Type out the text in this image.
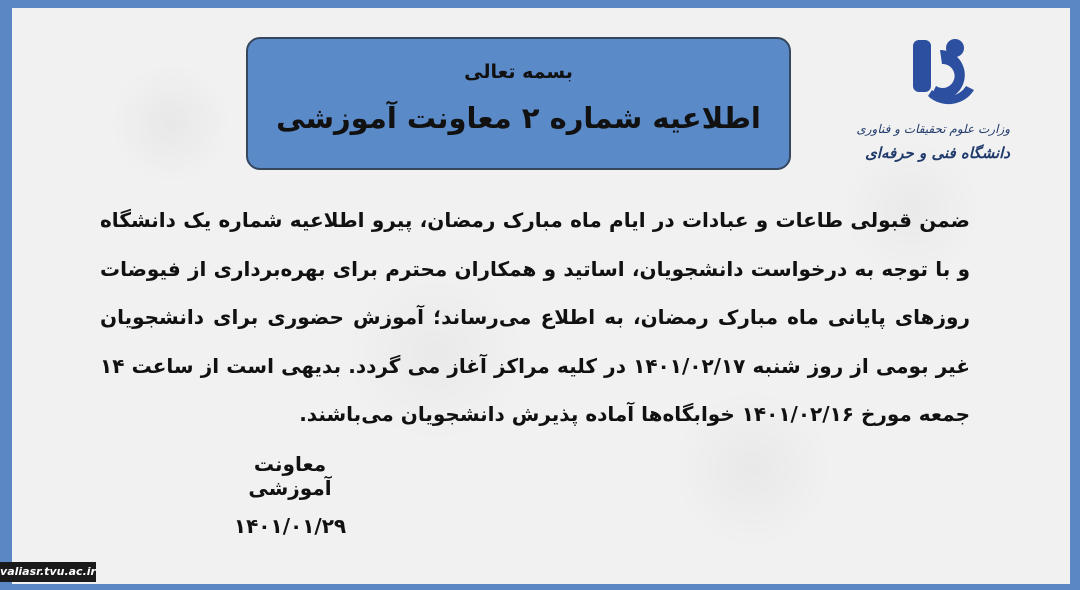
بسمه تعالی
اطلاعیه شماره ۲ معاونت آموزشی	وزارت علوم تحقیقات و فناوری
دانشگاه فنی و حرفه‌ای
ضمن قبولی طاعات و عبادات در ایام ماه مبارک رمضان، پیرو اطلاعیه شماره یک دانشگاه و با توجه به درخواست دانشجویان، اساتید و همکاران محترم برای بهره‌برداری از فیوضات روزهای پایانی ماه مبارک رمضان، به اطلاع می‌رساند؛ آموزش حضوری برای دانشجویان غیر بومی از روز شنبه ۱۴۰۱/۰۲/۱۷ در کلیه مراکز آغاز می گردد. بدیهی است از ساعت ۱۴ جمعه مورخ ۱۴۰۱/۰۲/۱۶ خوابگاه‌ها آماده پذیرش دانشجویان می‌باشند.
معاونت آموزشی
۱۴۰۱/۰۱/۲۹
valiasr.tvu.ac.ir
